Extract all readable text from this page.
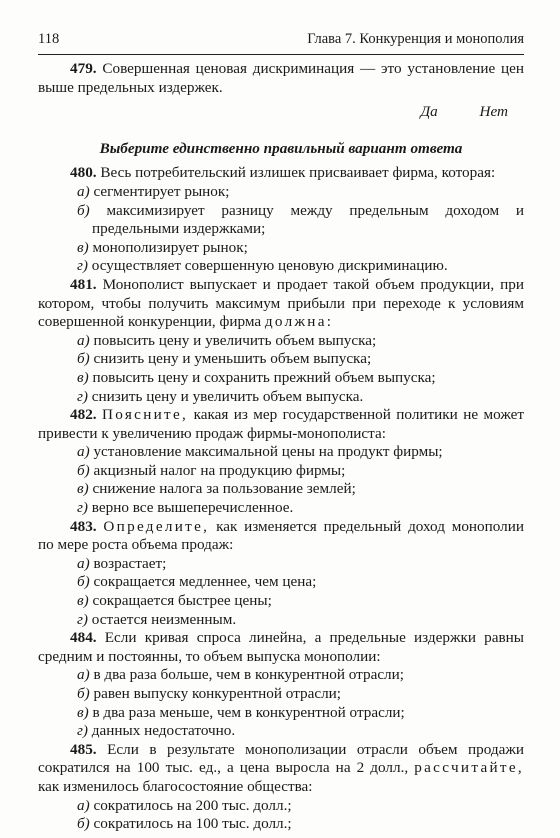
118	Глава 7. Конкуренция и монополия

479. Совершенная ценовая дискриминация — это установление цен выше предельных издержек.

Да	Нет
Выберите единственно правильный вариант ответа

480. Весь потребительский излишек присваивает фирма, которая:

а) сегментирует рынок;
б) максимизирует разницу между предельным доходом и предельными издержками;
в) монополизирует рынок;
г) осуществляет совершенную ценовую дискриминацию.

481. Монополист выпускает и продает такой объем продукции, при котором, чтобы получить максимум прибыли при переходе к условиям совершенной конкуренции, фирма должна:

а) повысить цену и увеличить объем выпуска;
б) снизить цену и уменьшить объем выпуска;
в) повысить цену и сохранить прежний объем выпуска;
г) снизить цену и увеличить объем выпуска.

482. Поясните, какая из мер государственной политики не может привести к увеличению продаж фирмы-монополиста:

а) установление максимальной цены на продукт фирмы;
б) акцизный налог на продукцию фирмы;
в) снижение налога за пользование землей;
г) верно все вышеперечисленное.

483. Определите, как изменяется предельный доход монополии по мере роста объема продаж:

а) возрастает;
б) сокращается медленнее, чем цена;
в) сокращается быстрее цены;
г) остается неизменным.

484. Если кривая спроса линейна, а предельные издержки равны средним и постоянны, то объем выпуска монополии:

а) в два раза больше, чем в конкурентной отрасли;
б) равен выпуску конкурентной отрасли;
в) в два раза меньше, чем в конкурентной отрасли;
г) данных недостаточно.

485. Если в результате монополизации отрасли объем продажи сократился на 100 тыс. ед., а цена выросла на 2 долл., рассчитайте, как изменилось благосостояние общества:

а) сократилось на 200 тыс. долл.;
б) сократилось на 100 тыс. долл.;
